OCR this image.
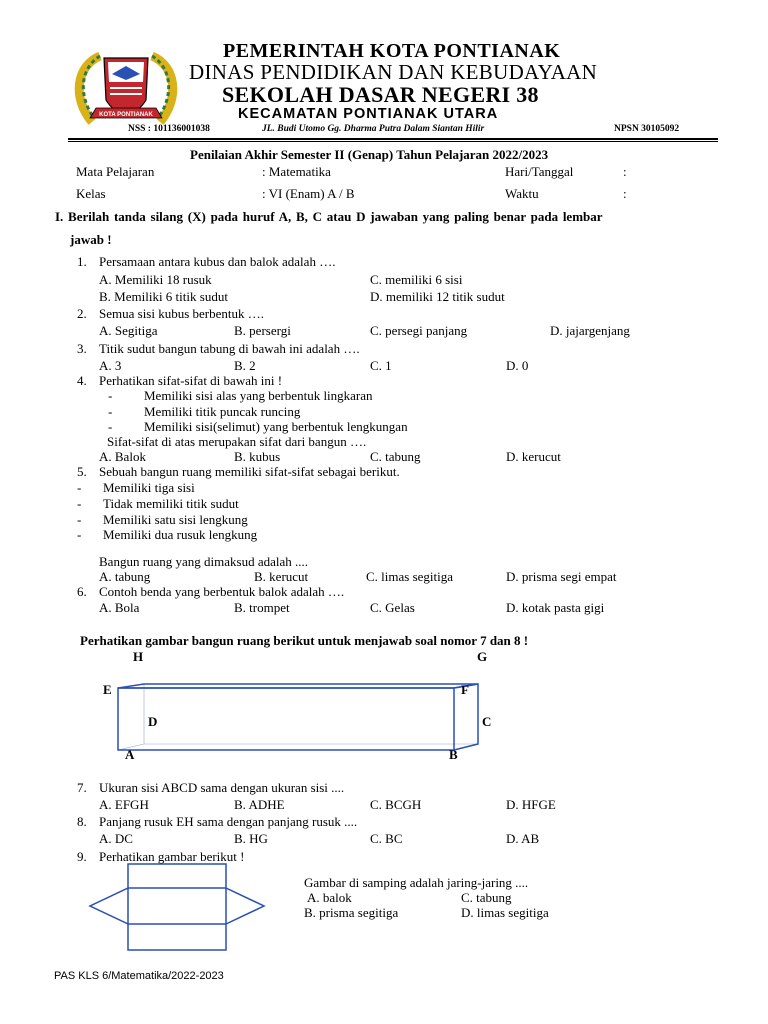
KOTA PONTIANAK
PEMERINTAH KOTA PONTIANAK
DINAS PENDIDIKAN DAN KEBUDAYAAN
SEKOLAH DASAR NEGERI 38
KECAMATAN PONTIANAK UTARA
NSS : 101136001038	JL. Budi Utomo Gg. Dharma Putra Dalam Siantan Hilir	NPSN 30105092
Penilaian Akhir Semester II (Genap) Tahun Pelajaran 2022/2023
Mata Pelajaran	: Matematika	Hari/Tanggal	:
Kelas	: VI (Enam) A / B	Waktu	:
I. Berilah tanda silang (X) pada huruf A, B, C atau D jawaban yang paling benar pada lembar
jawab !
1. Persamaan antara kubus dan balok adalah ….
A. Memiliki 18 rusuk	C. memiliki 6 sisi
B. Memiliki 6 titik sudut	D. memiliki 12 titik sudut
2. Semua sisi kubus berbentuk ….
A. Segitiga	B. persergi	C. persegi panjang	D. jajargenjang
3. Titik sudut bangun tabung di bawah ini adalah ….
A. 3	B. 2	C. 1	D. 0
4. Perhatikan sifat-sifat di bawah ini !
- Memiliki sisi alas yang berbentuk lingkaran
- Memiliki titik puncak runcing
- Memiliki sisi(selimut) yang berbentuk lengkungan
Sifat-sifat di atas merupakan sifat dari bangun ….
A. Balok	B. kubus	C. tabung	D. kerucut
5. Sebuah bangun ruang memiliki sifat-sifat sebagai berikut.
- Memiliki tiga sisi
- Tidak memiliki titik sudut
- Memiliki satu sisi lengkung
- Memiliki dua rusuk lengkung
Bangun ruang yang dimaksud adalah ....
A. tabung	B. kerucut	C. limas segitiga	D. prisma segi empat
6. Contoh benda yang berbentuk balok adalah ….
A. Bola	B. trompet	C. Gelas	D. kotak pasta gigi
Perhatikan gambar bangun ruang berikut untuk menjawab soal nomor 7 dan 8 !
H	G
E	F
D	C
A	B
7. Ukuran sisi ABCD sama dengan ukuran sisi ....
A. EFGH	B. ADHE	C. BCGH	D. HFGE
8. Panjang rusuk EH sama dengan panjang rusuk ....
A. DC	B. HG	C. BC	D. AB
9. Perhatikan gambar berikut !
Gambar di samping adalah jaring-jaring ....
A. balok	C. tabung
B. prisma segitiga	D. limas segitiga
PAS KLS 6/Matematika/2022-2023
